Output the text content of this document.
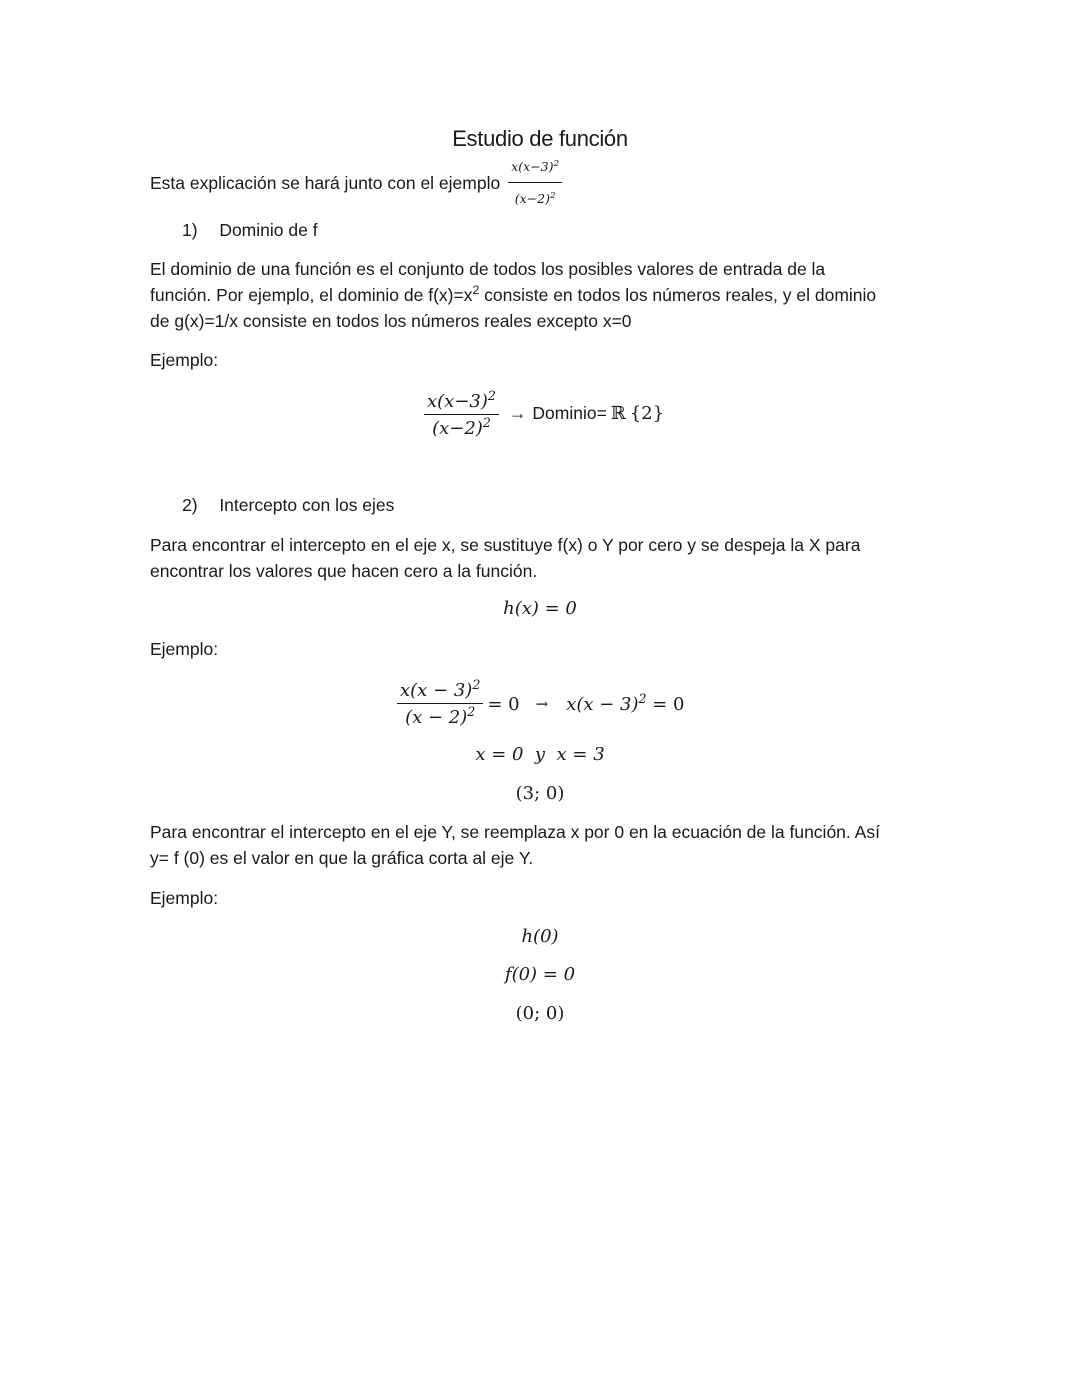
Estudio de función
Esta explicación se hará junto con el ejemplo $\frac{x(x-3)^2}{(x-2)^2}$
1) Dominio de f
El dominio de una función es el conjunto de todos los posibles valores de entrada de la
función. Por ejemplo, el dominio de $f(x)=x^2$ consiste en todos los números reales, y el dominio
de g(x)=1/x consiste en todos los números reales excepto x=0
Ejemplo:
$\frac{x(x-3)^2}{(x-2)^2}$ → Dominio= ℝ {2}
2) Intercepto con los ejes
Para encontrar el intercepto en el eje x, se sustituye f(x) o Y por cero y se despeja la X para
encontrar los valores que hacen cero a la función.
h(x) = 0
Ejemplo:
$\frac{x(x - 3)^2}{(x - 2)^2} = 0 \to x(x - 3)^2 = 0$
x = 0  y  x = 3
(3; 0)
Para encontrar el intercepto en el eje Y, se reemplaza x por 0 en la ecuación de la función. Así
y= f (0) es el valor en que la gráfica corta al eje Y.
Ejemplo:
h(0)
f(0) = 0
(0; 0)
